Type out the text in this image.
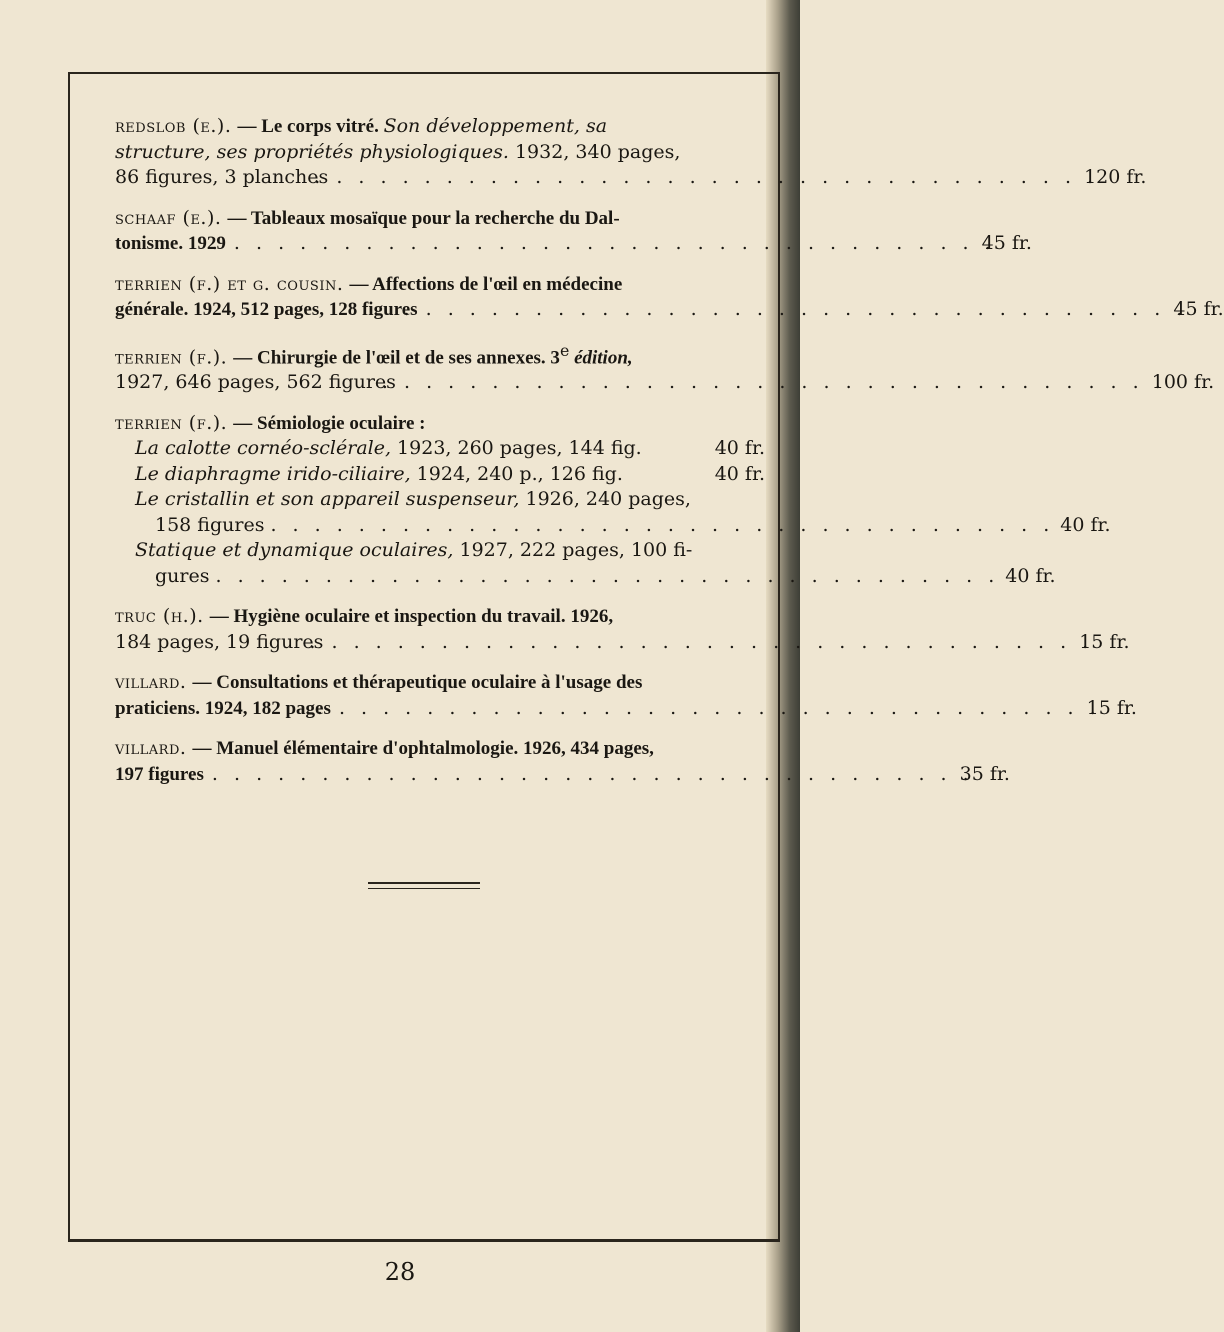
redslob (e.). — Le corps vitré. Son développement, sa

structure, ses propriétés physiologiques. 1932, 340 pages,

86 figures, 3 planches
. . . . . . . . . . . . . . . . . . . . . . . . . . . . . . . . . . . .
120 fr.

schaaf (e.). — Tableaux mosaïque pour la recherche du Dal-

tonisme. 1929
. . . . . . . . . . . . . . . . . . . . . . . . . . . . . . . . . . . .
45 fr.

terrien (f.) et g. cousin. — Affections de l'œil en médecine

générale. 1924, 512 pages, 128 figures
. . . . . . . . . . . . . . . . . . . . . . . . . . . . . . . . . . . .
45 fr.

terrien (f.). — Chirurgie de l'œil et de ses annexes. 3e édition,

1927, 646 pages, 562 figures
. . . . . . . . . . . . . . . . . . . . . . . . . . . . . . . . . . . .
100 fr.

terrien (f.). — Sémiologie oculaire :

La calotte cornéo-sclérale, 1923, 260 pages, 144 fig.	40 fr.
Le diaphragme irido-ciliaire, 1924, 240 p., 126 fig.	40 fr.

Le cristallin et son appareil suspenseur, 1926, 240 pages,

158 figures . . . . . . . . . . . . . . . . . . . . . . . . . . . . . . . . . . . . 40 fr.

Statique et dynamique oculaires, 1927, 222 pages, 100 fi-

gures . . . . . . . . . . . . . . . . . . . . . . . . . . . . . . . . . . . . 40 fr.

truc (h.). — Hygiène oculaire et inspection du travail. 1926,

184 pages, 19 figures
. . . . . . . . . . . . . . . . . . . . . . . . . . . . . . . . . . . .
15 fr.

villard. — Consultations et thérapeutique oculaire à l'usage des

praticiens. 1924, 182 pages
. . . . . . . . . . . . . . . . . . . . . . . . . . . . . . . . . . . .
15 fr.

villard. — Manuel élémentaire d'ophtalmologie. 1926, 434 pages,

197 figures
. . . . . . . . . . . . . . . . . . . . . . . . . . . . . . . . . . . .
35 fr.
28
